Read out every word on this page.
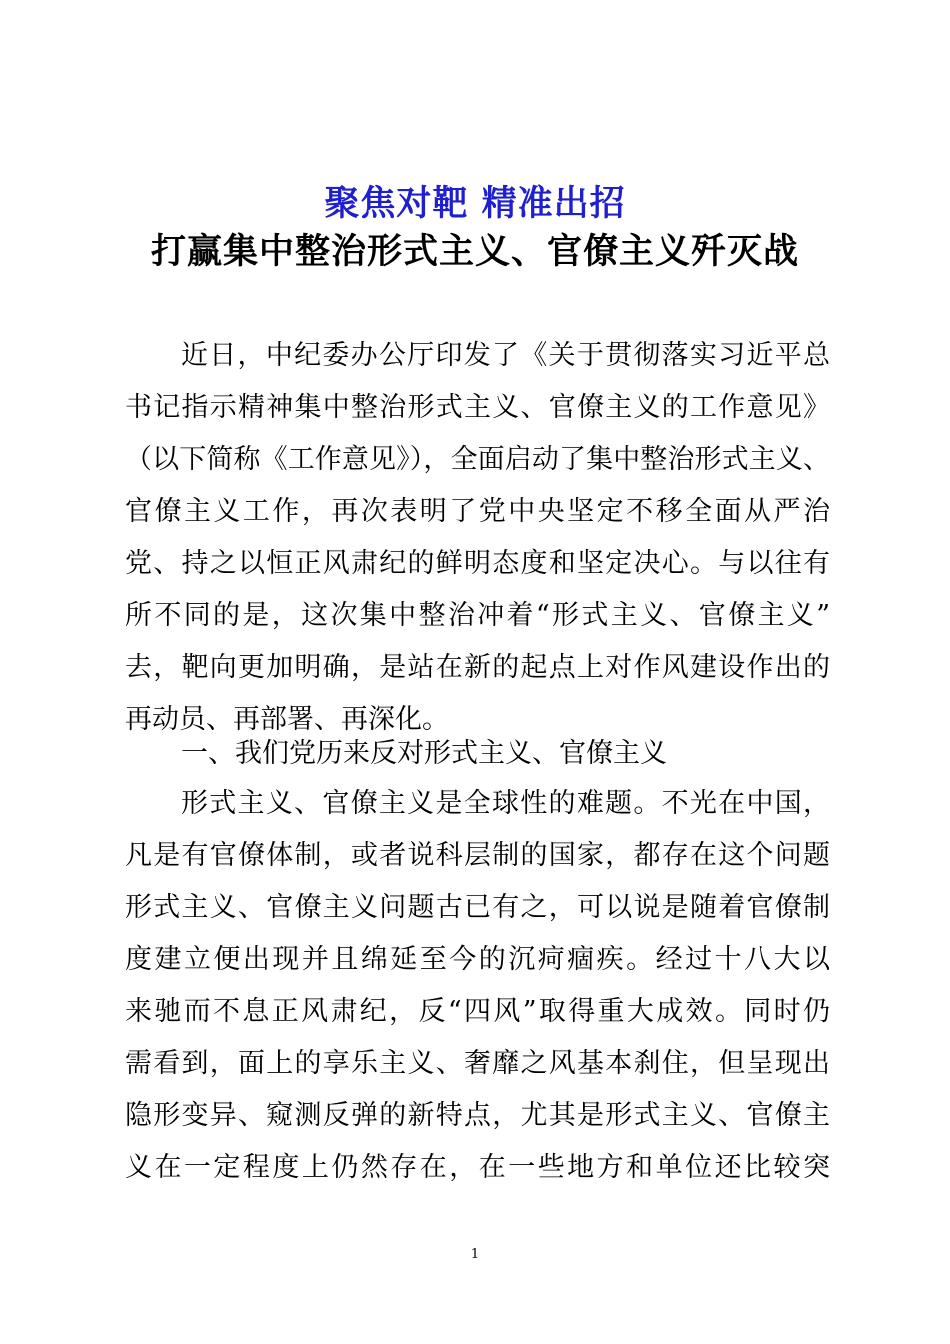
聚焦对靶 精准出招
打赢集中整治形式主义、官僚主义歼灭战
近日，中纪委办公厅印发了《关于贯彻落实习近平总
书记指示精神集中整治形式主义、官僚主义的工作意见》
（以下简称《工作意见》），全面启动了集中整治形式主义、
官僚主义工作，再次表明了党中央坚定不移全面从严治
党、持之以恒正风肃纪的鲜明态度和坚定决心。与以往有
所不同的是，这次集中整治冲着“形式主义、官僚主义”
去，靶向更加明确，是站在新的起点上对作风建设作出的
再动员、再部署、再深化。
一、我们党历来反对形式主义、官僚主义
形式主义、官僚主义是全球性的难题。不光在中国，
凡是有官僚体制，或者说科层制的国家，都存在这个问题
形式主义、官僚主义问题古已有之，可以说是随着官僚制
度建立便出现并且绵延至今的沉疴痼疾。经过十八大以
来驰而不息正风肃纪，反“四风”取得重大成效。同时仍
需看到，面上的享乐主义、奢靡之风基本刹住，但呈现出
隐形变异、窥测反弹的新特点，尤其是形式主义、官僚主
义在一定程度上仍然存在，在一些地方和单位还比较突
1
